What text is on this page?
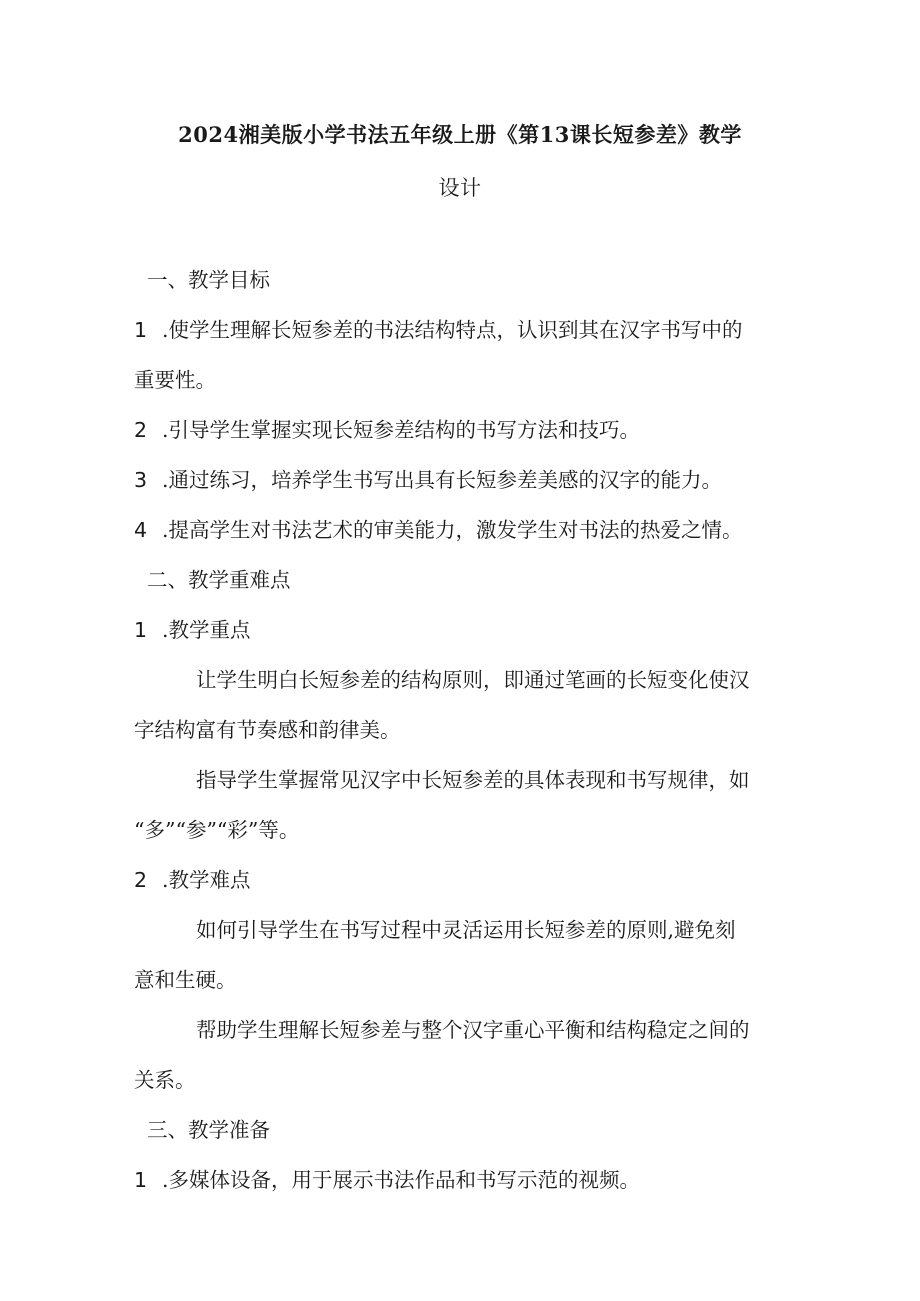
2024湘美版小学书法五年级上册《第13课长短参差》教学
设计
一、教学目标
1 .使学生理解长短参差的书法结构特点，认识到其在汉字书写中的
重要性。
2 .引导学生掌握实现长短参差结构的书写方法和技巧。
3 .通过练习，培养学生书写出具有长短参差美感的汉字的能力。
4 .提高学生对书法艺术的审美能力，激发学生对书法的热爱之情。
二、教学重难点
1 .教学重点
让学生明白长短参差的结构原则，即通过笔画的长短变化使汉
字结构富有节奏感和韵律美。
指导学生掌握常见汉字中长短参差的具体表现和书写规律，如
“多”“参”“彩”等。
2 .教学难点
如何引导学生在书写过程中灵活运用长短参差的原则,避免刻
意和生硬。
帮助学生理解长短参差与整个汉字重心平衡和结构稳定之间的
关系。
三、教学准备
1 .多媒体设备，用于展示书法作品和书写示范的视频。
